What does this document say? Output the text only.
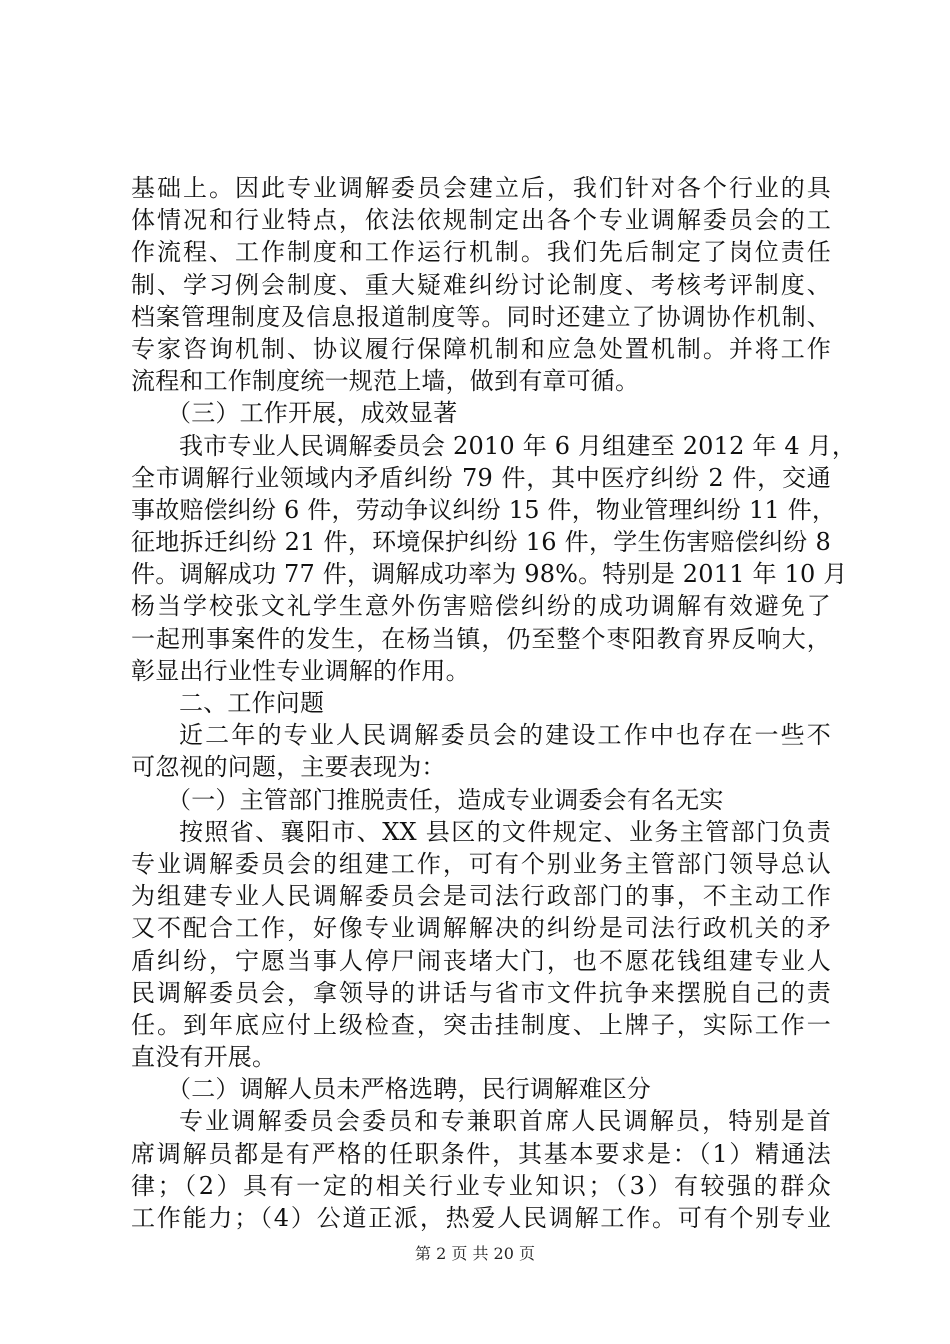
基础上。因此专业调解委员会建立后，我们针对各个行业的具
体情况和行业特点，依法依规制定出各个专业调解委员会的工
作流程、工作制度和工作运行机制。我们先后制定了岗位责任
制、学习例会制度、重大疑难纠纷讨论制度、考核考评制度、
档案管理制度及信息报道制度等。同时还建立了协调协作机制、
专家咨询机制、协议履行保障机制和应急处置机制。并将工作
流程和工作制度统一规范上墙，做到有章可循。
（三）工作开展，成效显著
我市专业人民调解委员会 2010 年 6 月组建至 2012 年 4 月，
全市调解行业领域内矛盾纠纷 79 件，其中医疗纠纷 2 件，交通
事故赔偿纠纷 6 件，劳动争议纠纷 15 件，物业管理纠纷 11 件，
征地拆迁纠纷 21 件，环境保护纠纷 16 件，学生伤害赔偿纠纷 8
件。调解成功 77 件，调解成功率为 98%。特别是 2011 年 10 月
杨当学校张文礼学生意外伤害赔偿纠纷的成功调解有效避免了
一起刑事案件的发生，在杨当镇，仍至整个枣阳教育界反响大，
彰显出行业性专业调解的作用。
二、工作问题
近二年的专业人民调解委员会的建设工作中也存在一些不
可忽视的问题，主要表现为：
（一）主管部门推脱责任，造成专业调委会有名无实
按照省、襄阳市、XX 县区的文件规定、业务主管部门负责
专业调解委员会的组建工作，可有个别业务主管部门领导总认
为组建专业人民调解委员会是司法行政部门的事，不主动工作
又不配合工作，好像专业调解解决的纠纷是司法行政机关的矛
盾纠纷，宁愿当事人停尸闹丧堵大门，也不愿花钱组建专业人
民调解委员会，拿领导的讲话与省市文件抗争来摆脱自己的责
任。到年底应付上级检查，突击挂制度、上牌子，实际工作一
直没有开展。
（二）调解人员未严格选聘，民行调解难区分
专业调解委员会委员和专兼职首席人民调解员，特别是首
席调解员都是有严格的任职条件，其基本要求是：（1）精通法
律；（2）具有一定的相关行业专业知识；（3）有较强的群众
工作能力；（4）公道正派，热爱人民调解工作。可有个别专业
第 2 页 共 20 页
